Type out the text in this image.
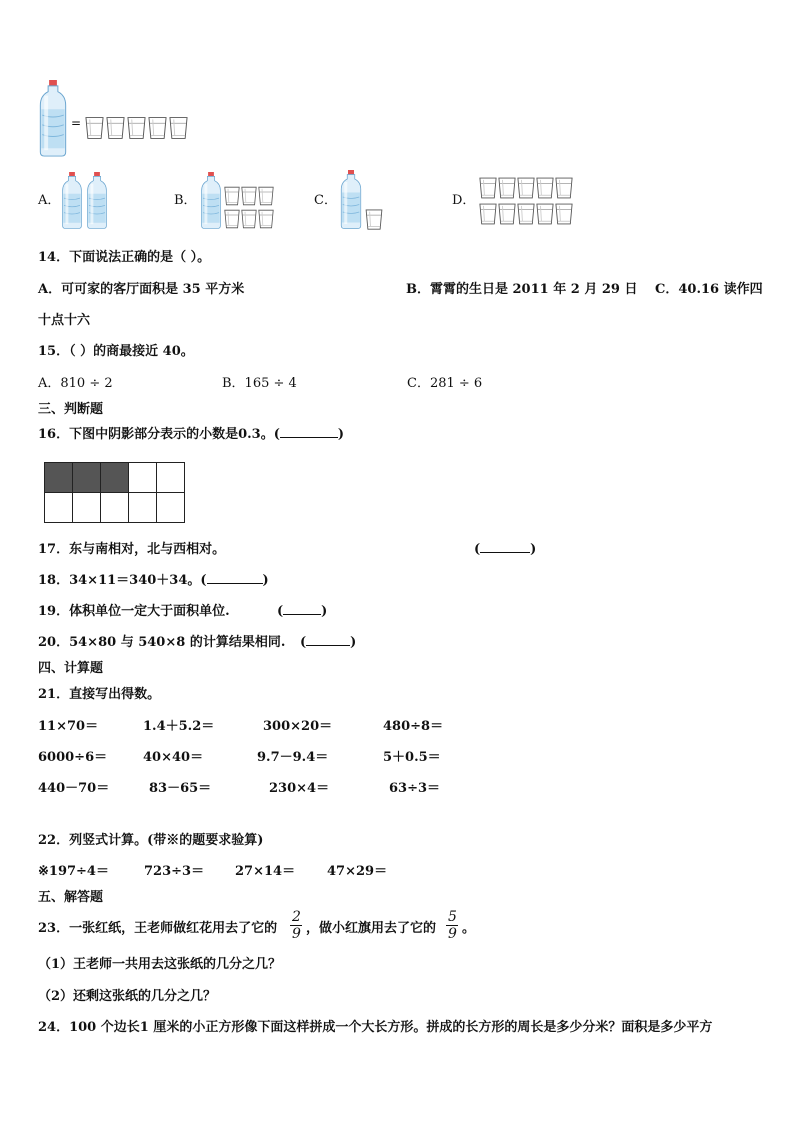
=
A．	B．	C．	D．
14．下面说法正确的是（ ）。
A．可可家的客厅面积是 35 平方米	B．霄霄的生日是 2011 年 2 月 29 日 C．40.16 读作四
十点十六
15．（ ）的商最接近 40。
A．810 ÷ 2	B．165 ÷ 4	C．281 ÷ 6
三、判断题
16．下图中阴影部分表示的小数是0.3。(	)

17．东与南相对，北与西相对。	(	)
18．34×11＝340＋34。(	)
19．体积单位一定大于面积单位.	(	)
20．54×80 与 540×8 的计算结果相同. (	)
四、计算题
21．直接写出得数。
11×70＝	1.4＋5.2＝	300×20＝	480÷8＝
6000÷6＝	40×40＝	9.7－9.4＝	5＋0.5＝
440－70＝	83－65＝	230×4＝	63÷3＝
22．列竖式计算。(带※的题要求验算)
※197÷4＝	723÷3＝ 27×14＝ 47×29＝
五、解答题
23．一张红纸，王老师做红花用去了它的
2
9 ，做小红旗用去了它的
5
9 。
（1）王老师一共用去这张纸的几分之几？
（2）还剩这张纸的几分之几？
24．100 个边长1 厘米的小正方形像下面这样拼成一个大长方形。拼成的长方形的周长是多少分米？面积是多少平方
